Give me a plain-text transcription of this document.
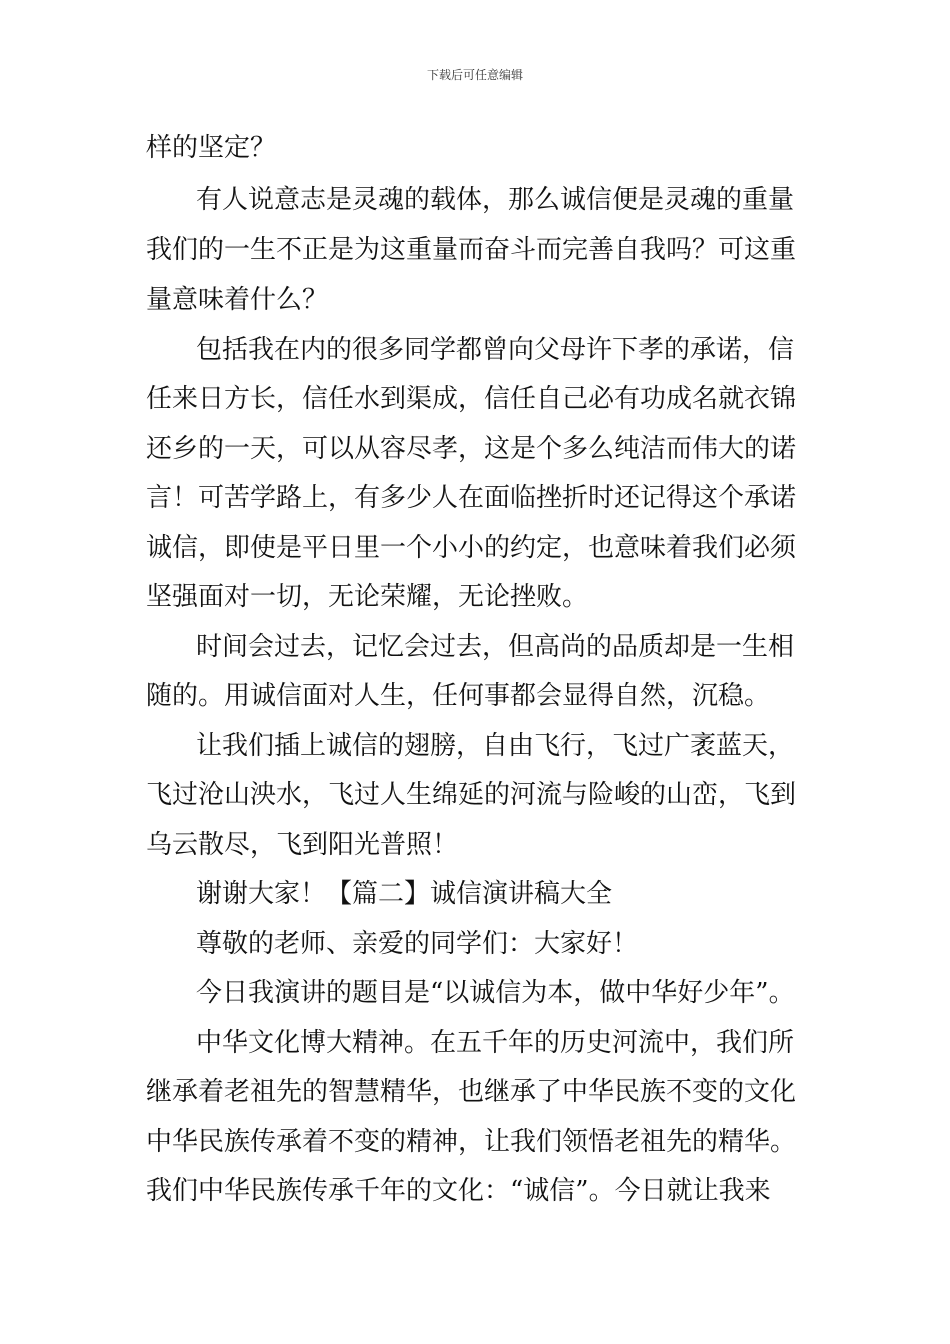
下载后可任意编辑
样的坚定？
有人说意志是灵魂的载体，那么诚信便是灵魂的重量
我们的一生不正是为这重量而奋斗而完善自我吗？可这重
量意味着什么？
包括我在内的很多同学都曾向父母许下孝的承诺，信
任来日方长，信任水到渠成，信任自己必有功成名就衣锦
还乡的一天，可以从容尽孝，这是个多么纯洁而伟大的诺
言！可苦学路上，有多少人在面临挫折时还记得这个承诺
诚信，即使是平日里一个小小的约定，也意味着我们必须
坚强面对一切，无论荣耀，无论挫败。
时间会过去，记忆会过去，但高尚的品质却是一生相
随的。用诚信面对人生，任何事都会显得自然，沉稳。
让我们插上诚信的翅膀，自由飞行，飞过广袤蓝天，
飞过沧山泱水，飞过人生绵延的河流与险峻的山峦，飞到
乌云散尽，飞到阳光普照！
谢谢大家！【篇二】诚信演讲稿大全
尊敬的老师、亲爱的同学们：大家好！
今日我演讲的题目是“以诚信为本，做中华好少年”。
中华文化博大精神。在五千年的历史河流中，我们所
继承着老祖先的智慧精华，也继承了中华民族不变的文化
中华民族传承着不变的精神，让我们领悟老祖先的精华。
我们中华民族传承千年的文化：“诚信”。今日就让我来
